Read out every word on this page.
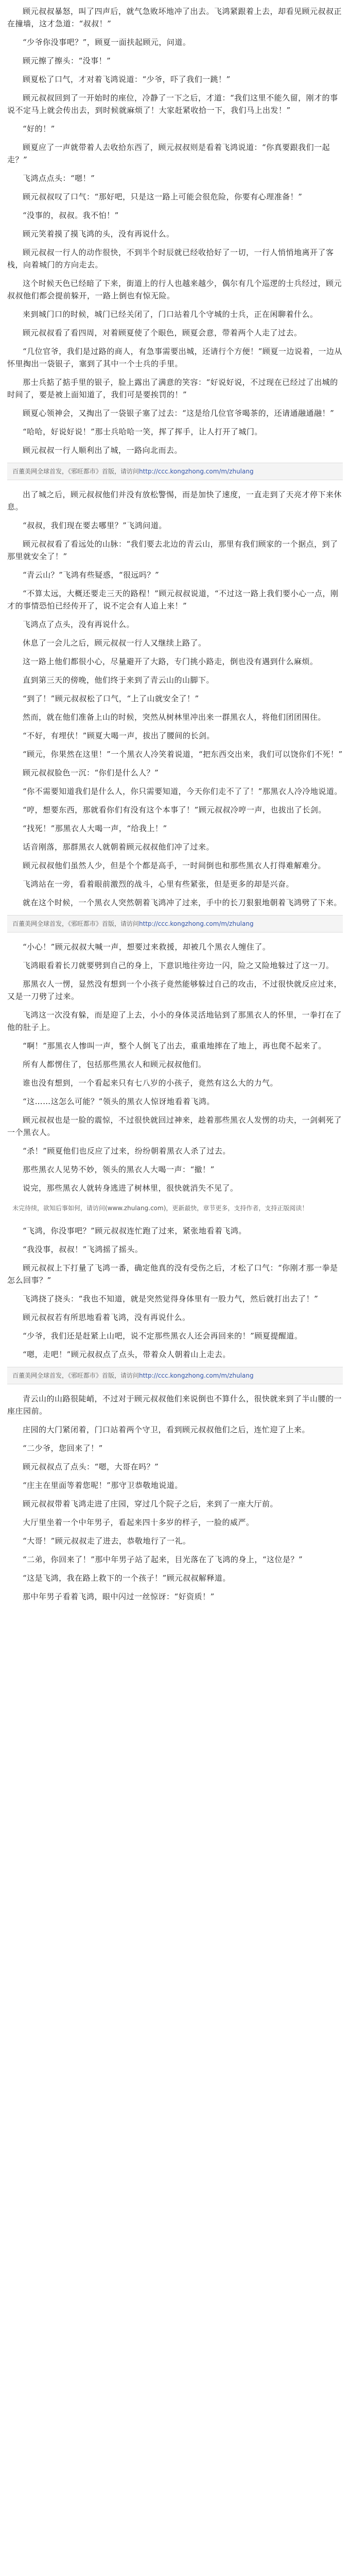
顾元叔叔暴怒，叫了四声后，就气急败坏地冲了出去。飞鸿紧跟着上去，却看见顾元叔叔正在撞墙，这才急道：“叔叔！”

“少爷你没事吧？”，顾夏一面扶起顾元，问道。

顾元擦了擦头：“没事！”

顾夏松了口气，才对着飞鸿说道：“少爷，吓了我们一跳！”

顾元叔叔回到了一开始时的座位，冷静了一下之后，才道：“我们这里不能久留，刚才的事说不定马上就会传出去，到时候就麻烦了！大家赶紧收拾一下，我们马上出发！”

“好的！”

顾夏应了一声就带着人去收拾东西了，顾元叔叔则是看着飞鸿说道：“你真要跟我们一起走？”

飞鸿点点头：“嗯！”

顾元叔叔叹了口气：“那好吧，只是这一路上可能会很危险，你要有心理准备！”

“没事的，叔叔。我不怕！”

顾元笑着摸了摸飞鸿的头，没有再说什么。

顾元叔叔一行人的动作很快，不到半个时辰就已经收拾好了一切，一行人悄悄地离开了客栈，向着城门的方向走去。

这个时候天色已经暗了下来，街道上的行人也越来越少，偶尔有几个巡逻的士兵经过，顾元叔叔他们都会提前躲开，一路上倒也有惊无险。

来到城门口的时候，城门已经关闭了，门口站着几个守城的士兵，正在闲聊着什么。

顾元叔叔看了看四周，对着顾夏使了个眼色，顾夏会意，带着两个人走了过去。

“几位官爷，我们是过路的商人，有急事需要出城，还请行个方便！”顾夏一边说着，一边从怀里掏出一袋银子，塞到了其中一个士兵的手里。

那士兵掂了掂手里的银子，脸上露出了满意的笑容：“好说好说，不过现在已经过了出城的时间了，要是被上面知道了，我们可是要挨罚的！”

顾夏心领神会，又掏出了一袋银子塞了过去：“这是给几位官爷喝茶的，还请通融通融！”

“哈哈，好说好说！”那士兵哈哈一笑，挥了挥手，让人打开了城门。

顾元叔叔一行人顺利出了城，一路向北而去。

百董美网全球首发，《邪旺都市》首版，请访问http://ccc.kongzhong.com/m/zhulang

出了城之后，顾元叔叔他们并没有放松警惕，而是加快了速度，一直走到了天亮才停下来休息。

“叔叔，我们现在要去哪里？”飞鸿问道。

顾元叔叔看了看远处的山脉：“我们要去北边的青云山，那里有我们顾家的一个据点，到了那里就安全了！”

“青云山？”飞鸿有些疑惑，“很远吗？”

“不算太远，大概还要走三天的路程！”顾元叔叔说道，“不过这一路上我们要小心一点，刚才的事情恐怕已经传开了，说不定会有人追上来！”

飞鸿点了点头，没有再说什么。

休息了一会儿之后，顾元叔叔一行人又继续上路了。

这一路上他们都很小心，尽量避开了大路，专门挑小路走，倒也没有遇到什么麻烦。

直到第三天的傍晚，他们终于来到了青云山的山脚下。

“到了！”顾元叔叔松了口气，“上了山就安全了！”

然而，就在他们准备上山的时候，突然从树林里冲出来一群黑衣人，将他们团团围住。

“不好，有埋伏！”顾夏大喝一声，拔出了腰间的长剑。

“顾元，你果然在这里！”一个黑衣人冷笑着说道，“把东西交出来，我们可以饶你们不死！”

顾元叔叔脸色一沉：“你们是什么人？”

“你不需要知道我们是什么人，你只需要知道，今天你们走不了了！”那黑衣人冷冷地说道。

“哼，想要东西，那就看你们有没有这个本事了！”顾元叔叔冷哼一声，也拔出了长剑。

“找死！”那黑衣人大喝一声，“给我上！”

话音刚落，那群黑衣人就朝着顾元叔叔他们冲了过来。

顾元叔叔他们虽然人少，但是个个都是高手，一时间倒也和那些黑衣人打得难解难分。

飞鸿站在一旁，看着眼前激烈的战斗，心里有些紧张，但是更多的却是兴奋。

就在这个时候，一个黑衣人突然朝着飞鸿冲了过来，手中的长刀狠狠地朝着飞鸿劈了下来。

百董美网全球首发，《邪旺都市》首版，请访问http://ccc.kongzhong.com/m/zhulang

“小心！”顾元叔叔大喊一声，想要过来救援，却被几个黑衣人缠住了。

飞鸿眼看着长刀就要劈到自己的身上，下意识地往旁边一闪，险之又险地躲过了这一刀。

那黑衣人一愣，显然没有想到一个小孩子竟然能够躲过自己的攻击，不过很快就反应过来，又是一刀劈了过来。

飞鸿这一次没有躲，而是迎了上去，小小的身体灵活地钻到了那黑衣人的怀里，一拳打在了他的肚子上。

“啊！”那黑衣人惨叫一声，整个人倒飞了出去，重重地摔在了地上，再也爬不起来了。

所有人都愣住了，包括那些黑衣人和顾元叔叔他们。

谁也没有想到，一个看起来只有七八岁的小孩子，竟然有这么大的力气。

“这……这怎么可能？”领头的黑衣人惊讶地看着飞鸿。

顾元叔叔也是一脸的震惊，不过很快就回过神来，趁着那些黑衣人发愣的功夫，一剑刺死了一个黑衣人。

“杀！”顾夏他们也反应了过来，纷纷朝着黑衣人杀了过去。

那些黑衣人见势不妙，领头的黑衣人大喝一声：“撤！”

说完，那些黑衣人就转身逃进了树林里，很快就消失不见了。

未完待续，欲知后事如何，请访问(www.zhulang.com)，更新最快，章节更多，支持作者，支持正版阅读！

“飞鸿，你没事吧？”顾元叔叔连忙跑了过来，紧张地看着飞鸿。

“我没事，叔叔！”飞鸿摇了摇头。

顾元叔叔上下打量了飞鸿一番，确定他真的没有受伤之后，才松了口气：“你刚才那一拳是怎么回事？”

飞鸿挠了挠头：“我也不知道，就是突然觉得身体里有一股力气，然后就打出去了！”

顾元叔叔若有所思地看着飞鸿，没有再说什么。

“少爷，我们还是赶紧上山吧，说不定那些黑衣人还会再回来的！”顾夏提醒道。

“嗯，走吧！”顾元叔叔点了点头，带着众人朝着山上走去。

百董美网全球首发，《邪旺都市》首版，请访问http://ccc.kongzhong.com/m/zhulang

青云山的山路很陡峭，不过对于顾元叔叔他们来说倒也不算什么，很快就来到了半山腰的一座庄园前。

庄园的大门紧闭着，门口站着两个守卫，看到顾元叔叔他们之后，连忙迎了上来。

“二少爷，您回来了！”

顾元叔叔点了点头：“嗯，大哥在吗？”

“庄主在里面等着您呢！”那守卫恭敬地说道。

顾元叔叔带着飞鸿走进了庄园，穿过几个院子之后，来到了一座大厅前。

大厅里坐着一个中年男子，看起来四十多岁的样子，一脸的威严。

“大哥！”顾元叔叔走了进去，恭敬地行了一礼。

“二弟，你回来了！”那中年男子站了起来，目光落在了飞鸿的身上，“这位是？”

“这是飞鸿，我在路上救下的一个孩子！”顾元叔叔解释道。

那中年男子看着飞鸿，眼中闪过一丝惊讶：“好资质！”
